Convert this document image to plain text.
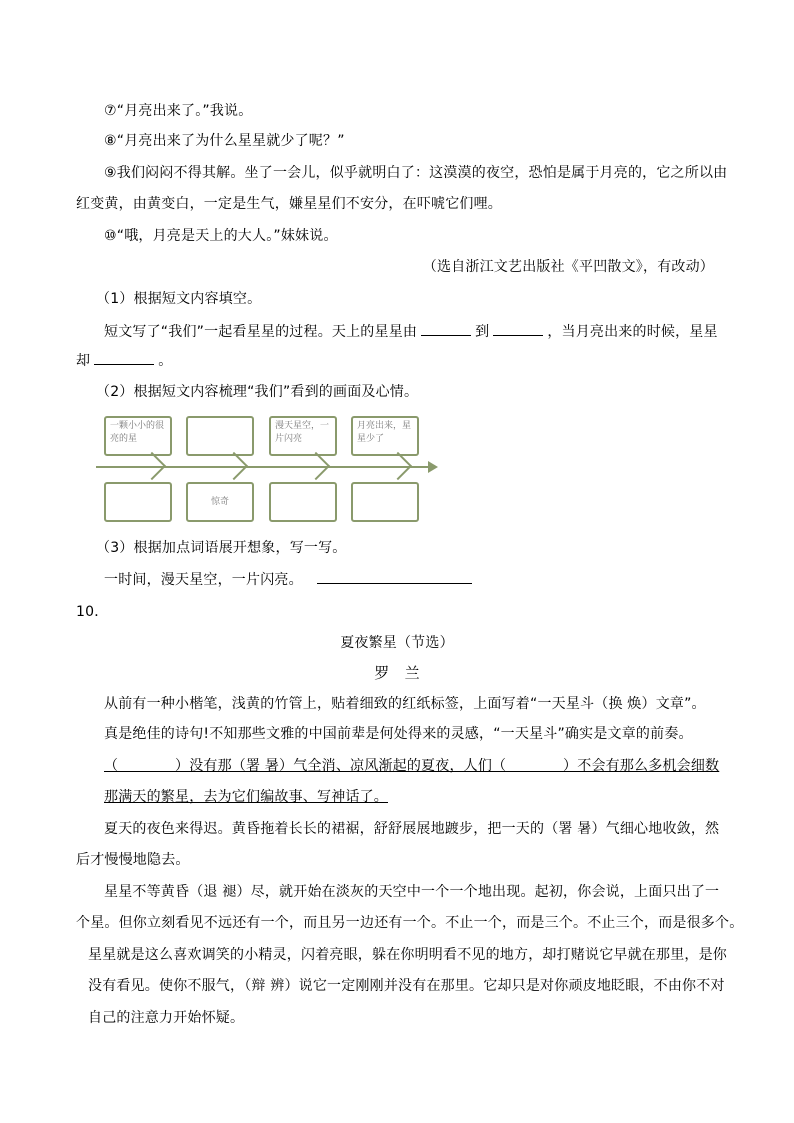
⑦“月亮出来了。”我说。
⑧“月亮出来了为什么星星就少了呢？”
⑨我们闷闷不得其解。坐了一会儿，似乎就明白了：这漠漠的夜空，恐怕是属于月亮的，它之所以由
红变黄，由黄变白，一定是生气，嫌星星们不安分，在吓唬它们哩。
⑩“哦，月亮是天上的大人。”妹妹说。
（选自浙江文艺出版社《平凹散文》，有改动）
（1）根据短文内容填空。
短文写了“我们”一起看星星的过程。天上的星星由	到	，当月亮出来的时候，星星
却	。
（2）根据短文内容梳理“我们”看到的画面及心情。
一颗小小的很亮的星
漫天星空，一片闪亮
月亮出来，星星少了
惊奇
（3）根据加点词语展开想象，写一写。
一时间，漫天星空，一片闪亮。
10．
夏夜繁星（节选）
罗　兰
从前有一种小楷笔，浅黄的竹管上，贴着细致的红纸标签，上面写着“一天星斗（换 焕）文章”。
真是绝佳的诗句!不知那些文雅的中国前辈是何处得来的灵感，“一天星斗”确实是文章的前奏。
（　　　　）没有那（署 暑）气全消、凉风渐起的夏夜，人们（　　　　）不会有那么多机会细数
那满天的繁星，去为它们编故事、写神话了。
夏天的夜色来得迟。黄昏拖着长长的裙裾，舒舒展展地踱步，把一天的（署 暑）气细心地收敛，然
后才慢慢地隐去。
星星不等黄昏（退 褪）尽，就开始在淡灰的天空中一个一个地出现。起初，你会说，上面只出了一
个星。但你立刻看见不远还有一个，而且另一边还有一个。不止一个，而是三个。不止三个，而是很多个。
星星就是这么喜欢调笑的小精灵，闪着亮眼，躲在你明明看不见的地方，却打赌说它早就在那里，是你
没有看见。使你不服气，（辩 辨）说它一定刚刚并没有在那里。它却只是对你顽皮地眨眼，不由你不对
自己的注意力开始怀疑。
